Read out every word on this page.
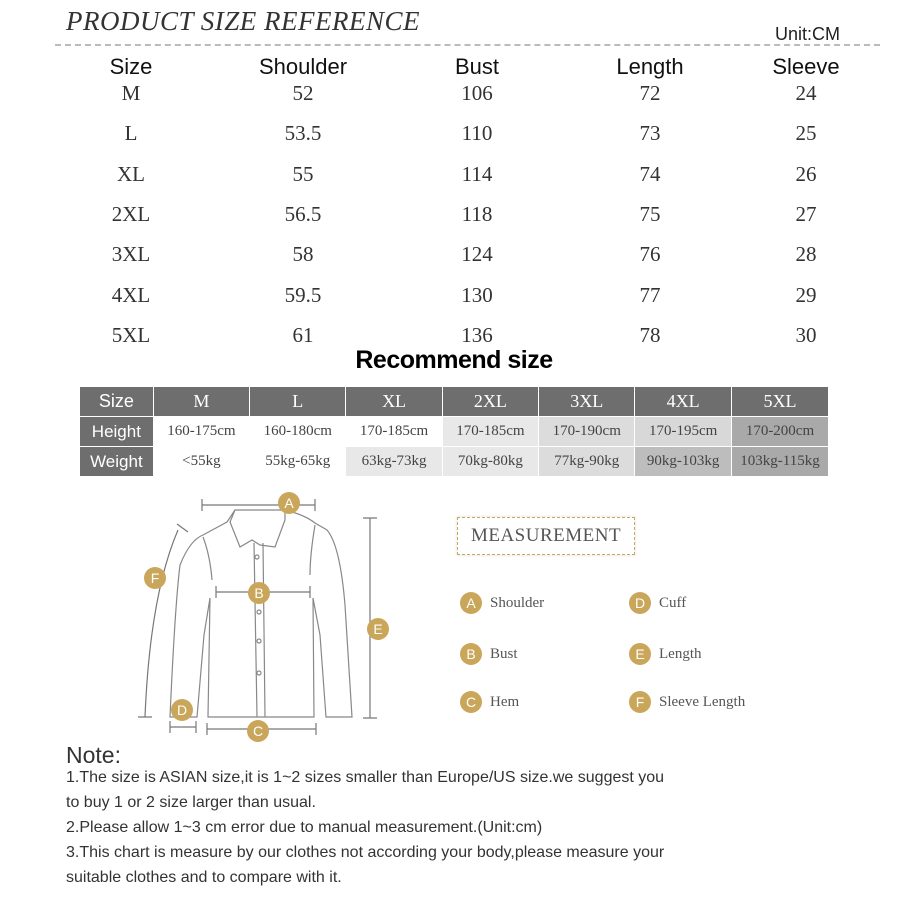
PRODUCT SIZE REFERENCE	Unit:CM
Size	Shoulder	Bust	Length	Sleeve
M	52	106	72	24
L	53.5	110	73	25
XL	55	114	74	26
2XL	56.5	118	75	27
3XL	58	124	76	28
4XL	59.5	130	77	29
5XL	61	136	78	30
Recommend size
Size	M	L	XL	2XL	3XL	4XL	5XL
Height	160-175cm	160-180cm	170-185cm	170-185cm	170-190cm	170-195cm	170-200cm
Weight	<55kg	55kg-65kg	63kg-73kg	70kg-80kg	77kg-90kg	90kg-103kg	103kg-115kg
A
B
C
D
E
F
MEASUREMENT
A Shoulder
B Bust
C Hem
D Cuff
E Length
F Sleeve Length
Note:
1.The size is ASIAN size,it is 1~2 sizes smaller than Europe/US size.we suggest you
to buy 1 or 2 size larger than usual.
2.Please allow 1~3 cm error due to manual measurement.(Unit:cm)
3.This chart is measure by our clothes not according your body,please measure your
suitable clothes and to compare with it.
